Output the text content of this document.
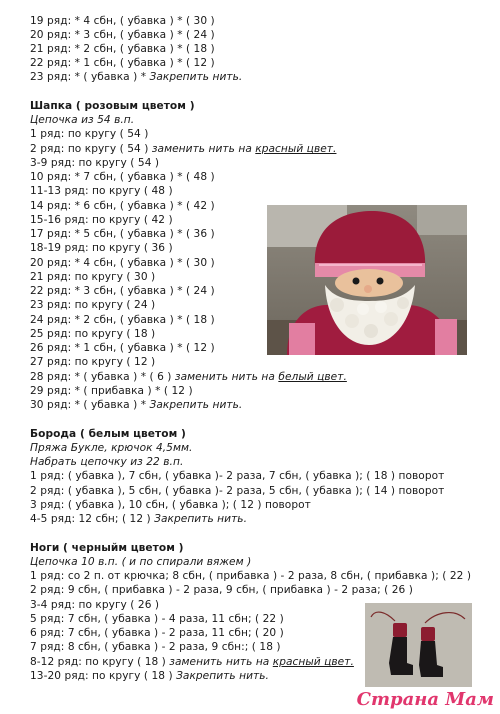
19 ряд: * 4 сбн, ( убавка ) * ( 30 )
20 ряд: * 3 сбн, ( убавка ) * ( 24 )
21 ряд: * 2 сбн, ( убавка ) * ( 18 )
22 ряд: * 1 сбн, ( убавка ) * ( 12 )
23 ряд: * ( убавка ) * Закрепить нить.
Шапка ( розовым цветом )
Цепочка из 54 в.п.
1 ряд: по кругу ( 54 )
2 ряд: по кругу ( 54 ) заменить нить на красный цвет.
3-9 ряд: по кругу ( 54 )
10 ряд: * 7 сбн, ( убавка ) * ( 48 )
11-13 ряд: по кругу ( 48 )
14 ряд: * 6 сбн, ( убавка ) * ( 42 )
15-16 ряд: по кругу ( 42 )
17 ряд: * 5 сбн, ( убавка ) * ( 36 )
18-19 ряд: по кругу ( 36 )
20 ряд: * 4 сбн, ( убавка ) * ( 30 )
21 ряд: по кругу ( 30 )
22 ряд: * 3 сбн, ( убавка ) * ( 24 )
23 ряд: по кругу ( 24 )
24 ряд: * 2 сбн, ( убавка ) * ( 18 )
25 ряд: по кругу ( 18 )
26 ряд: * 1 сбн, ( убавка ) * ( 12 )
27 ряд: по кругу ( 12 )
28 ряд: * ( убавка ) * ( 6 ) заменить нить на белый цвет.
29 ряд: * ( прибавка ) * ( 12 )
30 ряд: * ( убавка ) * Закрепить нить.
Борода ( белым цветом )
Пряжа Букле, крючок 4,5мм.
Набрать цепочку из 22 в.п.
1 ряд: ( убавка ), 7 сбн, ( убавка )- 2 раза, 7 сбн, ( убавка ); ( 18 ) поворот
2 ряд: ( убавка ), 5 сбн, ( убавка )- 2 раза, 5 сбн, ( убавка ); ( 14 ) поворот
3 ряд: ( убавка ), 10 сбн, ( убавка ); ( 12 ) поворот
4-5 ряд: 12 сбн; ( 12 ) Закрепить нить.
Ноги ( черныйм цветом )
Цепочка 10 в.п. ( и по спирали вяжем )
1 ряд: со 2 п. от крючка; 8 сбн, ( прибавка ) - 2 раза, 8 сбн, ( прибавка ); ( 22 )
2 ряд: 9 сбн, ( прибавка ) - 2 раза, 9 сбн, ( прибавка ) - 2 раза; ( 26 )
3-4 ряд: по кругу ( 26 )
5 ряд: 7 сбн, ( убавка ) - 4 раза, 11 сбн; ( 22 )
6 ряд: 7 сбн, ( убавка ) - 2 раза, 11 сбн; ( 20 )
7 ряд: 8 сбн, ( убавка ) - 2 раза, 9 сбн:; ( 18 )
8-12 ряд: по кругу ( 18 ) заменить нить на красный цвет.
13-20 ряд: по кругу ( 18 ) Закрепить нить.
Страна Мам
